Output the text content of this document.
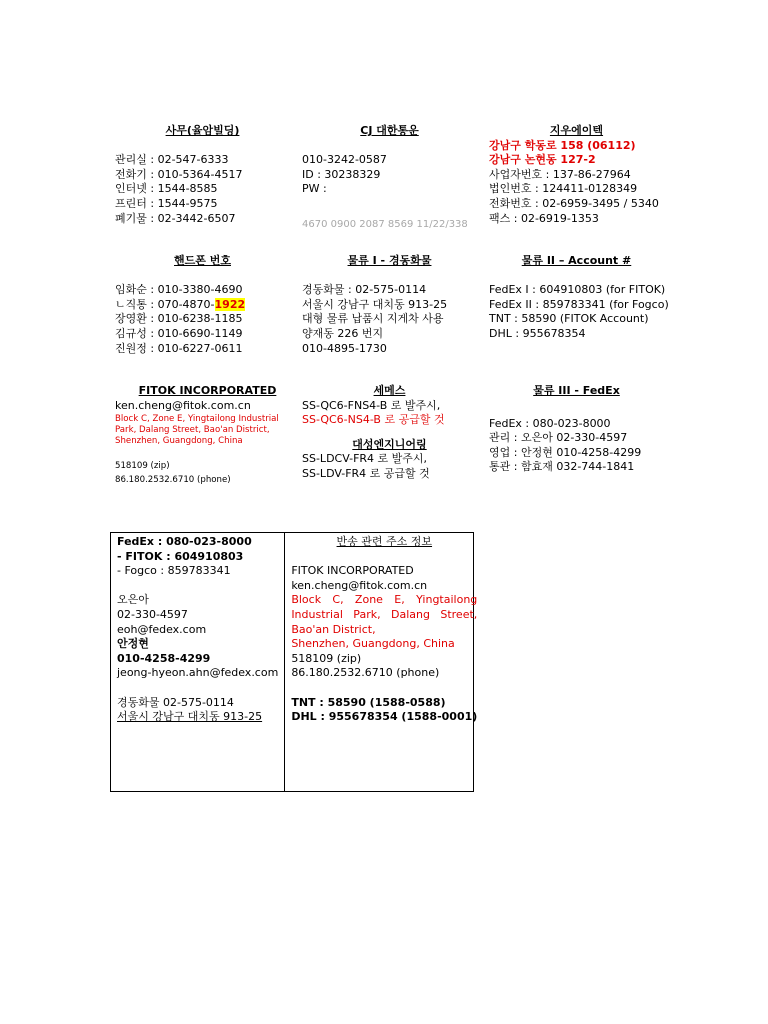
사무(율암빌딩)
관리실 : 02-547-6333
전화기 : 010-5364-4517
인터넷 : 1544-8585
프린터 : 1544-9575
폐기물 : 02-3442-6507
CJ 대한통운
010-3242-0587
ID : 30238329
PW :
4670 0900 2087 8569 11/22/338
지우에이텍
강남구 학동로 158 (06112)
강남구 논현동 127-2
사업자번호 : 137-86-27964
법인번호 : 124411-0128349
전화번호 : 02-6959-3495 / 5340
팩스 : 02-6919-1353
핸드폰 번호
임화순 : 010-3380-4690
ㄴ직통 : 070-4870-1922
장영환 : 010-6238-1185
김규성 : 010-6690-1149
진원정 : 010-6227-0611
물류 I - 경동화물
경동화물 : 02-575-0114
서울시 강남구 대치동 913-25
대형 물류 납품시 지게차 사용
양재동 226 번지
010-4895-1730
물류 II – Account #
FedEx I : 604910803 (for FITOK)
FedEx II : 859783341 (for Fogco)
TNT : 58590 (FITOK Account)
DHL : 955678354
FITOK INCORPORATED
ken.cheng@fitok.com.cn
Block C, Zone E, Yingtailong Industrial
Park, Dalang Street, Bao'an District,
Shenzhen, Guangdong, China
518109 (zip)
86.180.2532.6710 (phone)
세메스
SS-QC6-FNS4-B 로 발주시,
SS-QC6-NS4-B 로 공급할 것
대성엔지니어링
SS-LDCV-FR4 로 발주시,
SS-LDV-FR4 로 공급할 것
물류 III - FedEx
FedEx : 080-023-8000
관리 : 오은아 02-330-4597
영업 : 안정현 010-4258-4299
통관 : 함효재 032-744-1841
FedEx : 080-023-8000
- FITOK : 604910803
- Fogco : 859783341
오은아
02-330-4597
eoh@fedex.com
안정현
010-4258-4299
jeong-hyeon.ahn@fedex.com
경동화물 02-575-0114
서울시 강남구 대치동 913-25
반송 관련 주소 정보
FITOK INCORPORATED
ken.cheng@fitok.com.cn
Block C, Zone E, Yingtailong
Industrial Park, Dalang Street,
Bao'an District,
Shenzhen, Guangdong, China
518109 (zip)
86.180.2532.6710 (phone)
TNT : 58590 (1588-0588)
DHL : 955678354 (1588-0001)
